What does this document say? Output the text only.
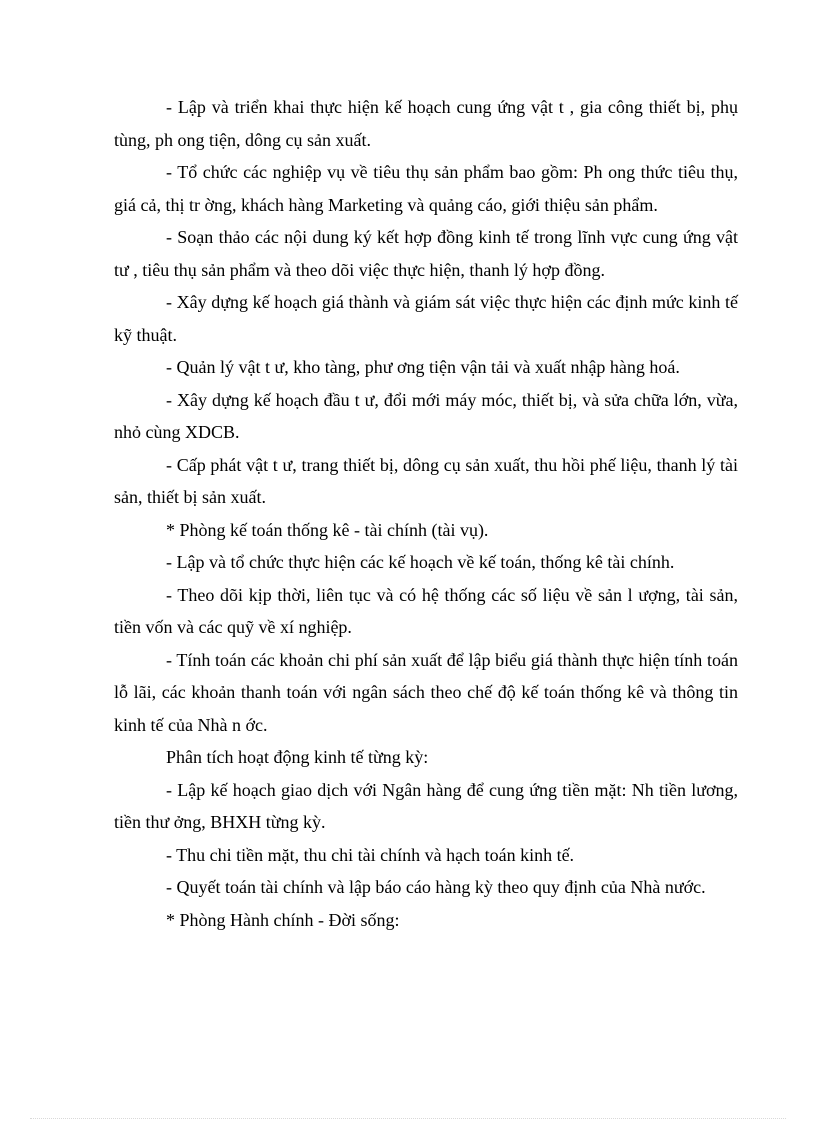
- Lập và triển khai thực hiện kế hoạch cung ứng vật t , gia công thiết bị, phụ tùng, ph ong tiện, dông cụ sản xuất.

- Tổ chức các nghiệp vụ về tiêu thụ sản phẩm bao gồm: Ph ong thức tiêu thụ, giá cả, thị tr ờng, khách hàng Marketing và quảng cáo, giới thiệu sản phẩm.

- Soạn thảo các nội dung ký kết hợp đồng kinh tế trong lĩnh vực cung ứng vật tư , tiêu thụ sản phẩm và theo dõi việc thực hiện, thanh lý hợp đồng.

- Xây dựng kế hoạch giá thành và giám sát việc thực hiện các định mức kinh tế kỹ thuật.

- Quản lý vật t ư, kho tàng, phư ơng tiện vận tải và xuất nhập hàng hoá.

- Xây dựng kế hoạch đầu t ư, đổi mới máy móc, thiết bị, và sửa chữa lớn, vừa, nhỏ cùng XDCB.

- Cấp phát vật t ư, trang thiết bị, dông cụ sản xuất, thu hồi phế liệu, thanh lý tài sản, thiết bị sản xuất.

* Phòng kế toán thống kê - tài chính (tài vụ).

- Lập và tổ chức thực hiện các kế hoạch về kế toán, thống kê tài chính.

- Theo dõi kịp thời, liên tục và có hệ thống các số liệu về sản l ượng, tài sản, tiền vốn và các quỹ về xí nghiệp.

- Tính toán các khoản chi phí sản xuất để lập biểu giá thành thực hiện tính toán lỗ lãi, các khoản thanh toán với ngân sách theo chế độ kế toán thống kê và thông tin kinh tế của Nhà n ớc.

Phân tích hoạt động kinh tế từng kỳ:

- Lập kế hoạch giao dịch với Ngân hàng để cung ứng tiền mặt: Nh tiền lương, tiền thư ởng, BHXH từng kỳ.

- Thu chi tiền mặt, thu chi tài chính và hạch toán kinh tế.

- Quyết toán tài chính và lập báo cáo hàng kỳ theo quy định của Nhà nước.

* Phòng Hành chính - Đời sống:
